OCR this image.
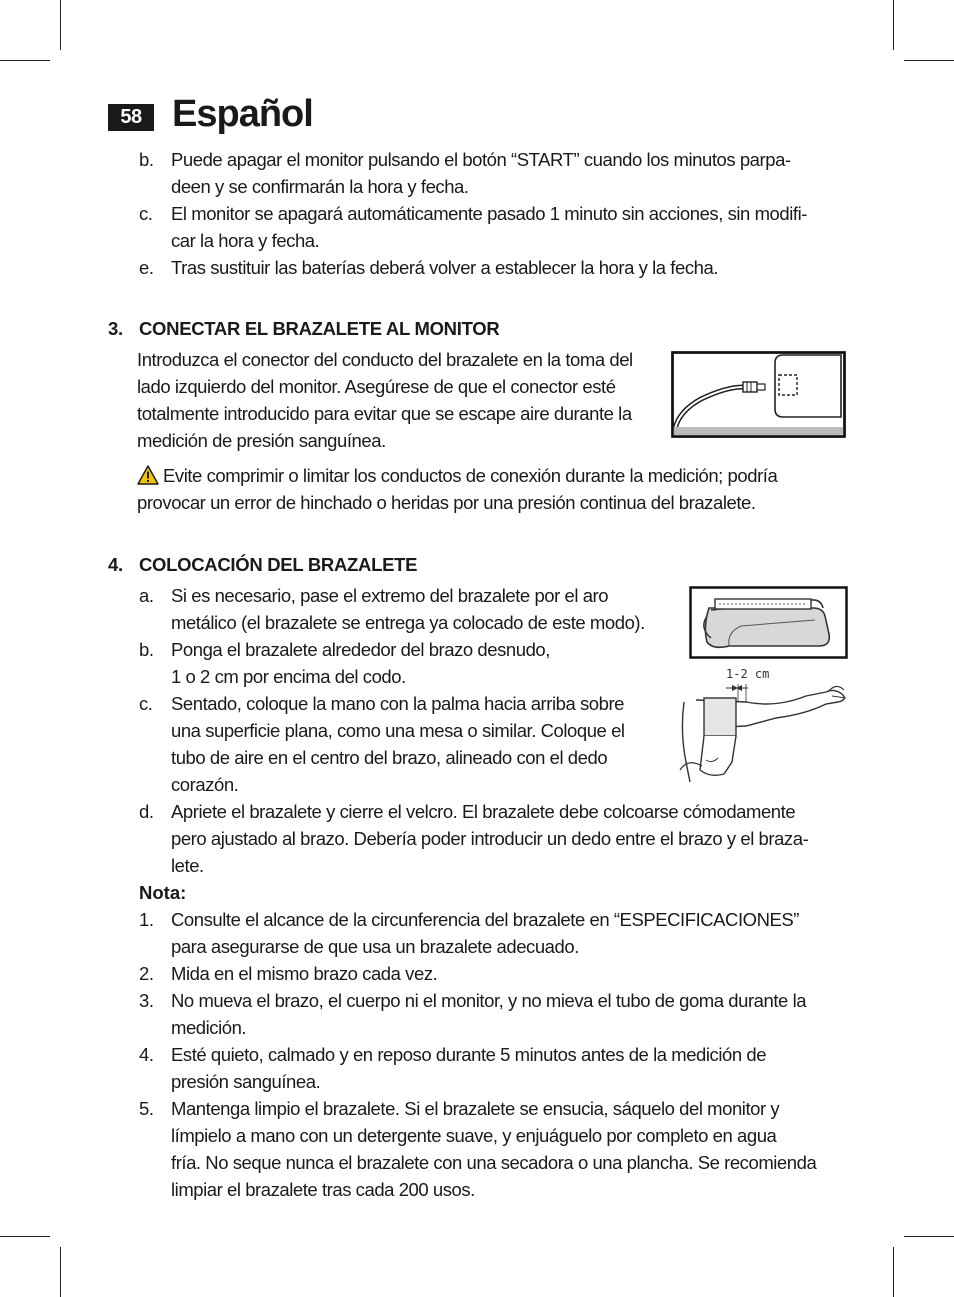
58 Español
b. Puede apagar el monitor pulsando el botón “START” cuando los minutos parpa-
deen y se confirmarán la hora y fecha.
c. El monitor se apagará automáticamente pasado 1 minuto sin acciones, sin modifi-
car la hora y fecha.
e. Tras sustituir las baterías deberá volver a establecer la hora y la fecha.
3. CONECTAR EL BRAZALETE AL MONITOR
Introduzca el conector del conducto del brazalete en la toma del
lado izquierdo del monitor. Asegúrese de que el conector esté
totalmente introducido para evitar que se escape aire durante la
medición de presión sanguínea.
Evite comprimir o limitar los conductos de conexión durante la medición; podría
provocar un error de hinchado o heridas por una presión continua del brazalete.
4. COLOCACIÓN DEL BRAZALETE
a. Si es necesario, pase el extremo del brazalete por el aro
metálico (el brazalete se entrega ya colocado de este modo).
b. Ponga el brazalete alrededor del brazo desnudo,
1 o 2 cm por encima del codo.
c. Sentado, coloque la mano con la palma hacia arriba sobre
una superficie plana, como una mesa o similar. Coloque el
tubo de aire en el centro del brazo, alineado con el dedo
corazón.
d. Apriete el brazalete y cierre el velcro. El brazalete debe colcoarse cómodamente
pero ajustado al brazo. Debería poder introducir un dedo entre el brazo y el braza-
lete.
1-2 cm
Nota:
1. Consulte el alcance de la circunferencia del brazalete en “ESPECIFICACIONES”
para asegurarse de que usa un brazalete adecuado.
2. Mida en el mismo brazo cada vez.
3. No mueva el brazo, el cuerpo ni el monitor, y no mieva el tubo de goma durante la
medición.
4. Esté quieto, calmado y en reposo durante 5 minutos antes de la medición de
presión sanguínea.
5. Mantenga limpio el brazalete. Si el brazalete se ensucia, sáquelo del monitor y
límpielo a mano con un detergente suave, y enjuáguelo por completo en agua
fría. No seque nunca el brazalete con una secadora o una plancha. Se recomienda
limpiar el brazalete tras cada 200 usos.
